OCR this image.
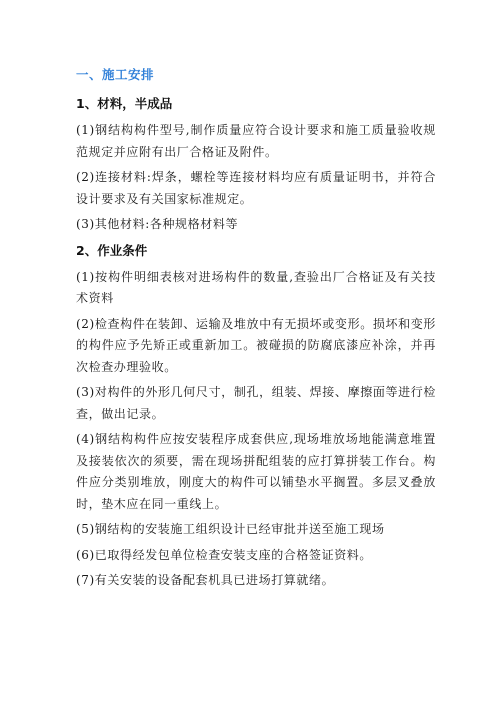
一、施工安排
1、材料，半成品

(1)钢结构构件型号,制作质量应符合设计要求和施工质量验收规范规定并应附有出厂合格证及附件。

(2)连接材料:焊条，螺栓等连接材料均应有质量证明书，并符合设计要求及有关国家标准规定。

(3)其他材料:各种规格材料等

2、作业条件

(1)按构件明细表核对进场构件的数量,查验出厂合格证及有关技术资料

(2)检查构件在装卸、运输及堆放中有无损坏或变形。损坏和变形的构件应予先矫正或重新加工。被碰损的防腐底漆应补涂，并再次检查办理验收。

(3)对构件的外形几何尺寸，制孔，组装、焊接、摩擦面等进行检查，做出记录。

(4)钢结构构件应按安装程序成套供应,现场堆放场地能满意堆置及接装依次的须要，需在现场拼配组装的应打算拼装工作台。构件应分类别堆放，刚度大的构件可以铺垫水平搁置。多层叉叠放时，垫木应在同一重线上。

(5)钢结构的安装施工组织设计已经审批并送至施工现场

(6)已取得经发包单位检查安装支座的合格签证资料。

(7)有关安装的设备配套机具已进场打算就绪。
